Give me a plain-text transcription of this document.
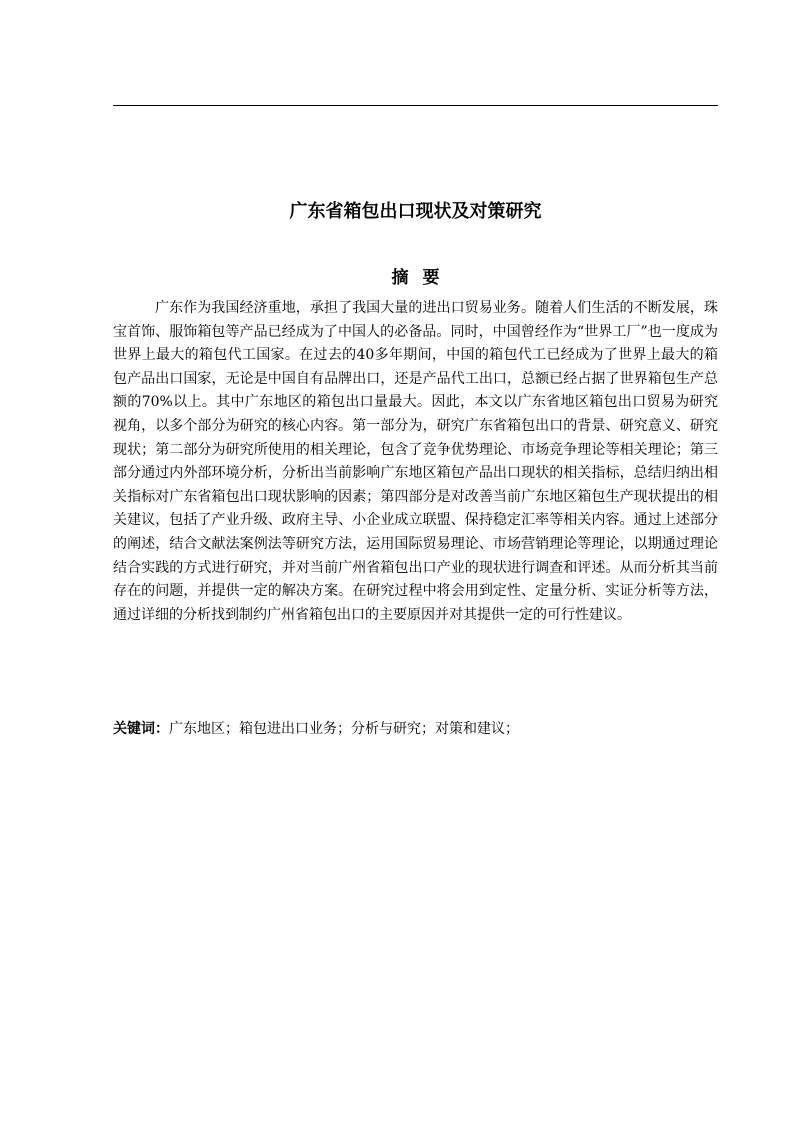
广东省箱包出口现状及对策研究
摘要

广东作为我国经济重地，承担了我国大量的进出口贸易业务。随着人们生活的不断发展，珠宝首饰、服饰箱包等产品已经成为了中国人的必备品。同时，中国曾经作为“世界工厂”也一度成为世界上最大的箱包代工国家。在过去的40多年期间，中国的箱包代工已经成为了世界上最大的箱包产品出口国家，无论是中国自有品牌出口，还是产品代工出口，总额已经占据了世界箱包生产总额的70%以上。其中广东地区的箱包出口量最大。因此，本文以广东省地区箱包出口贸易为研究视角，以多个部分为研究的核心内容。第一部分为，研究广东省箱包出口的背景、研究意义、研究现状；第二部分为研究所使用的相关理论，包含了竞争优势理论、市场竞争理论等相关理论；第三部分通过内外部环境分析，分析出当前影响广东地区箱包产品出口现状的相关指标，总结归纳出相关指标对广东省箱包出口现状影响的因素；第四部分是对改善当前广东地区箱包生产现状提出的相关建议，包括了产业升级、政府主导、小企业成立联盟、保持稳定汇率等相关内容。通过上述部分的阐述，结合文献法案例法等研究方法，运用国际贸易理论、市场营销理论等理论，以期通过理论结合实践的方式进行研究，并对当前广州省箱包出口产业的现状进行调查和评述。从而分析其当前存在的问题，并提供一定的解决方案。在研究过程中将会用到定性、定量分析、实证分析等方法，通过详细的分析找到制约广州省箱包出口的主要原因并对其提供一定的可行性建议。

关键词：广东地区；箱包进出口业务；分析与研究；对策和建议；
